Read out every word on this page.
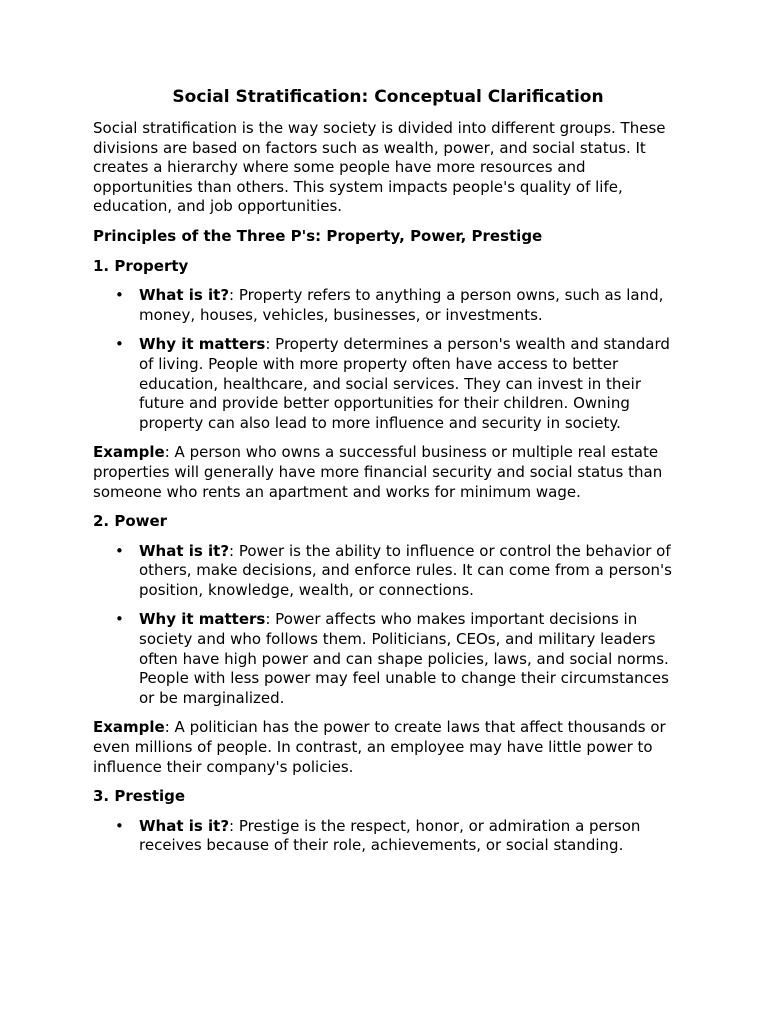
Social Stratification: Conceptual Clarification

Social stratification is the way society is divided into different groups. These divisions are based on factors such as wealth, power, and social status. It creates a hierarchy where some people have more resources and opportunities than others. This system impacts people's quality of life, education, and job opportunities.

Principles of the Three P's: Property, Power, Prestige

1. Property

• What is it?: Property refers to anything a person owns, such as land, money, houses, vehicles, businesses, or investments.
• Why it matters: Property determines a person's wealth and standard of living. People with more property often have access to better education, healthcare, and social services. They can invest in their future and provide better opportunities for their children. Owning property can also lead to more influence and security in society.

Example: A person who owns a successful business or multiple real estate properties will generally have more financial security and social status than someone who rents an apartment and works for minimum wage.

2. Power

• What is it?: Power is the ability to influence or control the behavior of others, make decisions, and enforce rules. It can come from a person's position, knowledge, wealth, or connections.
• Why it matters: Power affects who makes important decisions in society and who follows them. Politicians, CEOs, and military leaders often have high power and can shape policies, laws, and social norms. People with less power may feel unable to change their circumstances or be marginalized.

Example: A politician has the power to create laws that affect thousands or even millions of people. In contrast, an employee may have little power to influence their company's policies.

3. Prestige

• What is it?: Prestige is the respect, honor, or admiration a person receives because of their role, achievements, or social standing.
